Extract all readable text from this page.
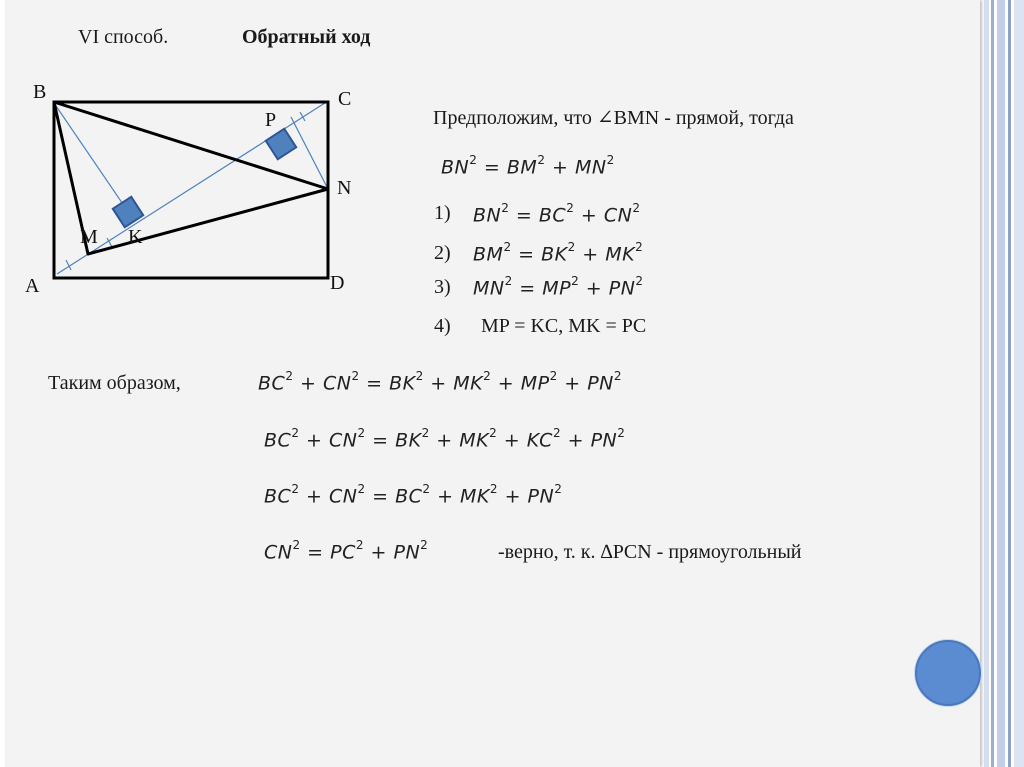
VI способ.	Обратный ход
B	C
P
N
M K
A	D
Предположим, что ∠BMN - прямой, тогда
$BN^2 = BM^2 + MN^2$
1) $BN^2 = BC^2 + CN^2$
2) $BM^2 = BK^2 + MK^2$
3) $MN^2 = MP^2 + PN^2$
4) MP = KC, MK = PC
Таким образом,	$BC^2 + CN^2 = BK^2 + MK^2 + MP^2 + PN^2$
$BC^2 + CN^2 = BK^2 + MK^2 + KC^2 + PN^2$
$BC^2 + CN^2 = BC^2 + MK^2 + PN^2$
$CN^2 = PC^2 + PN^2$	-верно, т. к. ∆PCN - прямоугольный
